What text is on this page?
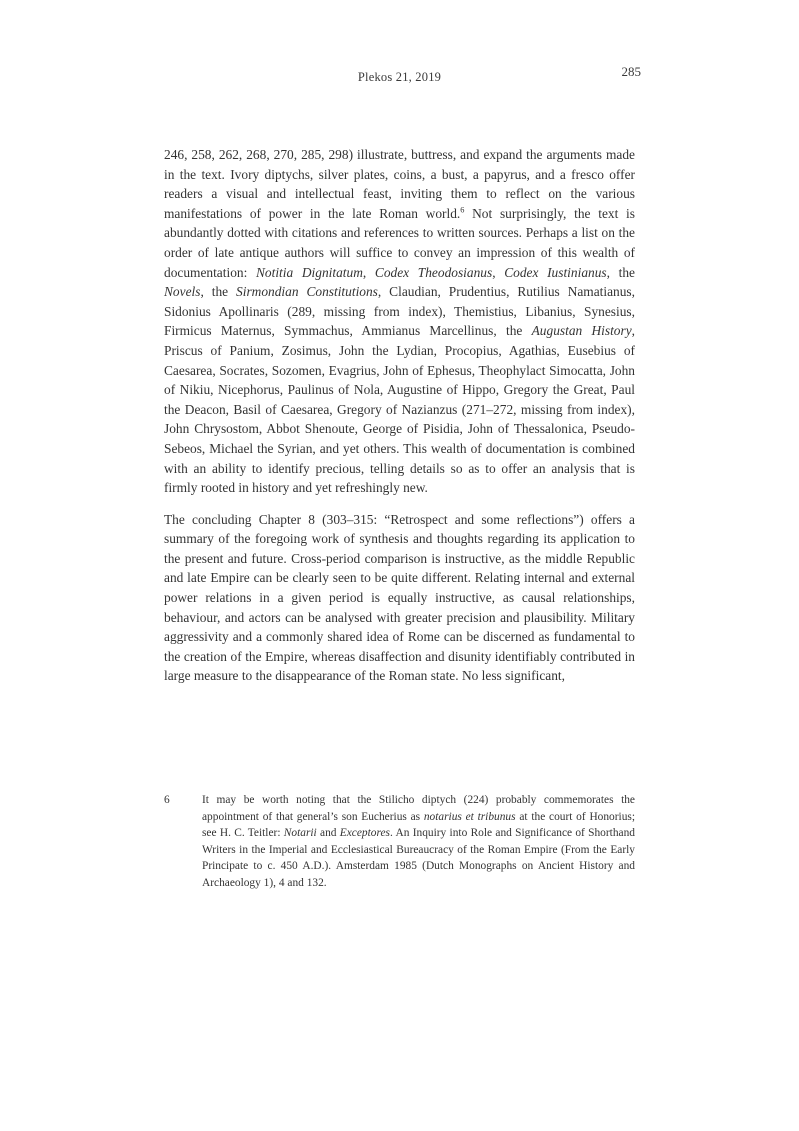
Plekos 21, 2019	285

246, 258, 262, 268, 270, 285, 298) illustrate, buttress, and expand the arguments made in the text. Ivory diptychs, silver plates, coins, a bust, a papyrus, and a fresco offer readers a visual and intellectual feast, inviting them to reflect on the various manifestations of power in the late Roman world.$^6$ Not surprisingly, the text is abundantly dotted with citations and references to written sources. Perhaps a list on the order of late antique authors will suffice to convey an impression of this wealth of documentation: Notitia Dignitatum, Codex Theodosianus, Codex Iustinianus, the Novels, the Sirmondian Constitutions, Claudian, Prudentius, Rutilius Namatianus, Sidonius Apollinaris (289, missing from index), Themistius, Libanius, Synesius, Firmicus Maternus, Symmachus, Ammianus Marcellinus, the Augustan History, Priscus of Panium, Zosimus, John the Lydian, Procopius, Agathias, Eusebius of Caesarea, Socrates, Sozomen, Evagrius, John of Ephesus, Theophylact Simocatta, John of Nikiu, Nicephorus, Paulinus of Nola, Augustine of Hippo, Gregory the Great, Paul the Deacon, Basil of Caesarea, Gregory of Nazianzus (271–272, missing from index), John Chrysostom, Abbot Shenoute, George of Pisidia, John of Thessalonica, Pseudo-Sebeos, Michael the Syrian, and yet others. This wealth of documentation is combined with an ability to identify precious, telling details so as to offer an analysis that is firmly rooted in history and yet refreshingly new.

The concluding Chapter 8 (303–315: “Retrospect and some reflections”) offers a summary of the foregoing work of synthesis and thoughts regarding its application to the present and future. Cross-period comparison is instructive, as the middle Republic and late Empire can be clearly seen to be quite different. Relating internal and external power relations in a given period is equally instructive, as causal relationships, behaviour, and actors can be analysed with greater precision and plausibility. Military aggressivity and a commonly shared idea of Rome can be discerned as fundamental to the creation of the Empire, whereas disaffection and disunity identifiably contributed in large measure to the disappearance of the Roman state. No less significant,

6	It may be worth noting that the Stilicho diptych (224) probably commemorates the appointment of that general’s son Eucherius as notarius et tribunus at the court of Honorius; see H. C. Teitler: Notarii and Exceptores. An Inquiry into Role and Significance of Shorthand Writers in the Imperial and Ecclesiastical Bureaucracy of the Roman Empire (From the Early Principate to c. 450 A.D.). Amsterdam 1985 (Dutch Monographs on Ancient History and Archaeology 1), 4 and 132.
